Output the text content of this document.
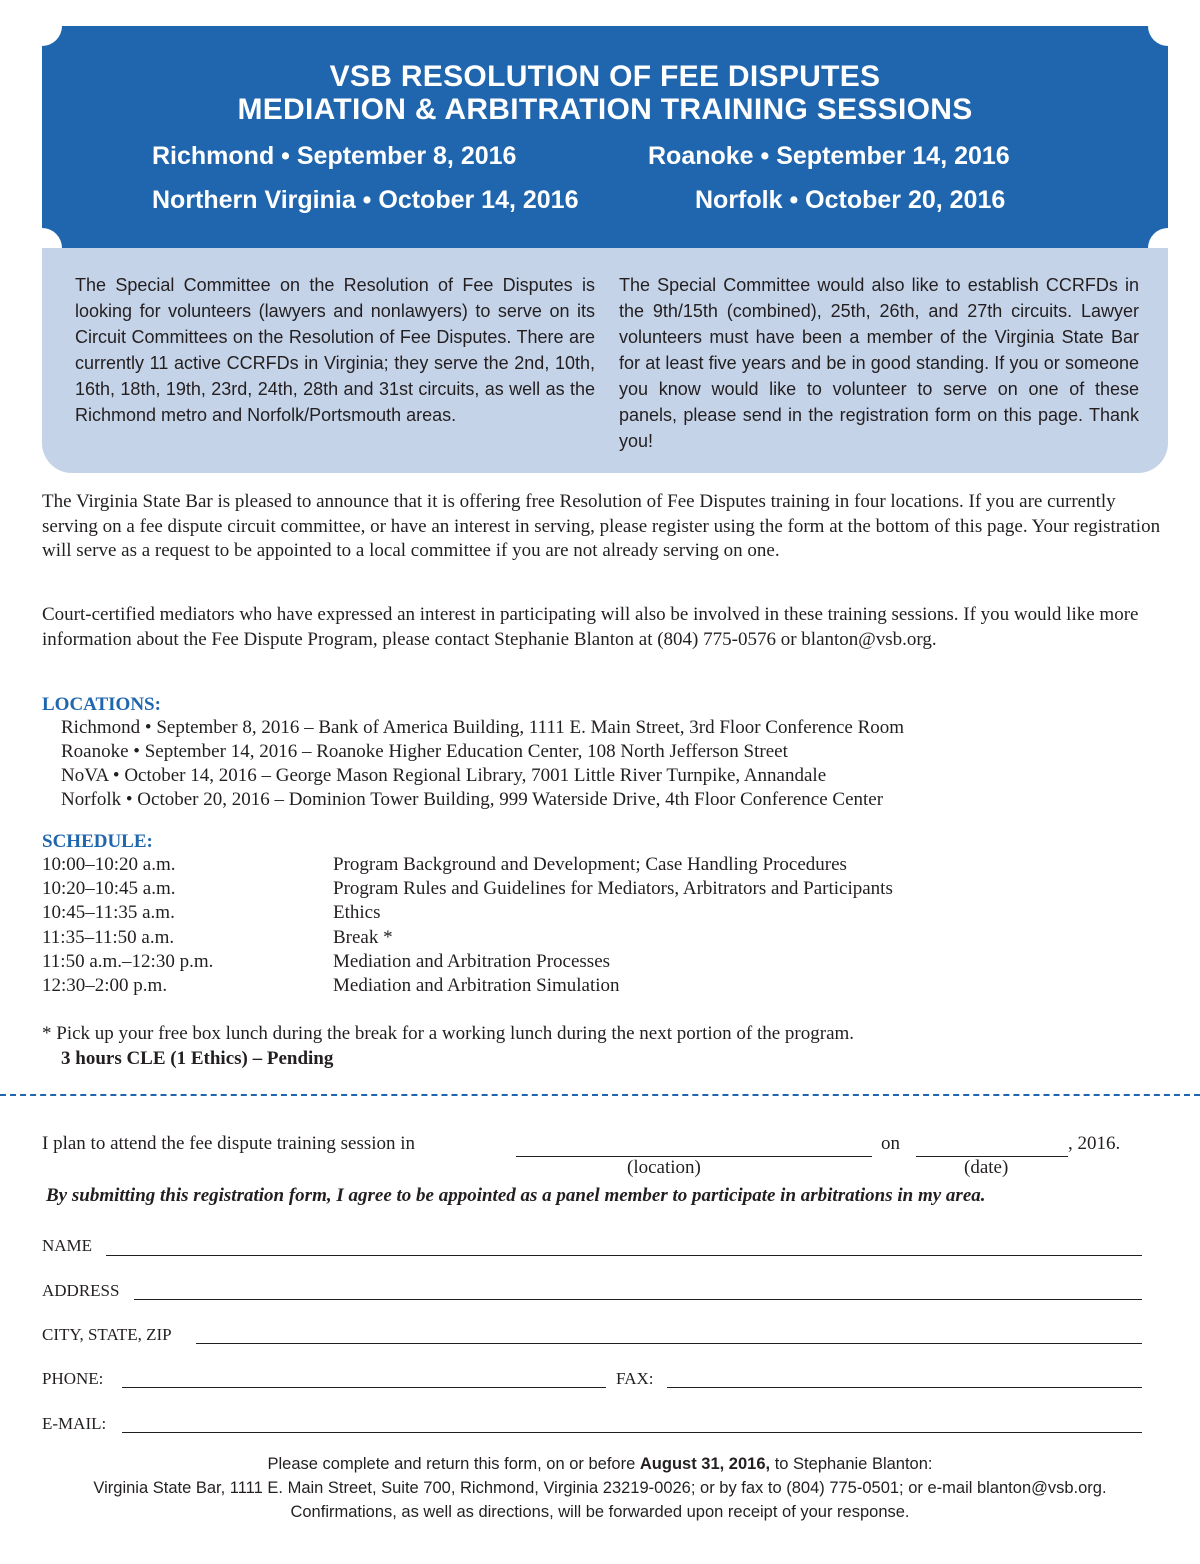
VSB RESOLUTION OF FEE DISPUTES
MEDIATION & ARBITRATION TRAINING SESSIONS
Richmond • September 8, 2016	Roanoke • September 14, 2016
Northern Virginia • October 14, 2016	Norfolk • October 20, 2016
The Special Committee on the Resolution of Fee Disputes is looking for volunteers (lawyers and nonlawyers) to serve on its Circuit Committees on the Resolution of Fee Disputes. There are currently 11 active CCRFDs in Virginia; they serve the 2nd, 10th, 16th, 18th, 19th, 23rd, 24th, 28th and 31st circuits, as well as the Richmond metro and Norfolk/Portsmouth areas.
The Special Committee would also like to establish CCRFDs in the 9th/15th (combined), 25th, 26th, and 27th circuits. Lawyer volunteers must have been a member of the Virginia State Bar for at least five years and be in good standing. If you or someone you know would like to volunteer to serve on one of these panels, please send in the registration form on this page. Thank you!
The Virginia State Bar is pleased to announce that it is offering free Resolution of Fee Disputes training in four locations. If you are currently serving on a fee dispute circuit committee, or have an interest in serving, please register using the form at the bottom of this page. Your registration will serve as a request to be appointed to a local committee if you are not already serving on one.
Court-certified mediators who have expressed an interest in participating will also be involved in these training sessions. If you would like more information about the Fee Dispute Program, please contact Stephanie Blanton at (804) 775-0576 or blanton@vsb.org.
LOCATIONS:
Richmond • September 8, 2016 – Bank of America Building, 1111 E. Main Street, 3rd Floor Conference Room
Roanoke • September 14, 2016 – Roanoke Higher Education Center, 108 North Jefferson Street
NoVA • October 14, 2016 – George Mason Regional Library, 7001 Little River Turnpike, Annandale
Norfolk • October 20, 2016 – Dominion Tower Building, 999 Waterside Drive, 4th Floor Conference Center
SCHEDULE:
10:00–10:20 a.m.	Program Background and Development; Case Handling Procedures
10:20–10:45 a.m.	Program Rules and Guidelines for Mediators, Arbitrators and Participants
10:45–11:35 a.m.	Ethics
11:35–11:50 a.m.	Break *
11:50 a.m.–12:30 p.m.	Mediation and Arbitration Processes
12:30–2:00 p.m.	Mediation and Arbitration Simulation
* Pick up your free box lunch during the break for a working lunch during the next portion of the program.
3 hours CLE (1 Ethics) – Pending
I plan to attend the fee dispute training session in	on	, 2016.
(location)	(date)
By submitting this registration form, I agree to be appointed as a panel member to participate in arbitrations in my area.
NAME
ADDRESS
CITY, STATE, ZIP
PHONE:	FAX:
E-MAIL:
Please complete and return this form, on or before August 31, 2016, to Stephanie Blanton:
Virginia State Bar, 1111 E. Main Street, Suite 700, Richmond, Virginia 23219-0026; or by fax to (804) 775-0501; or e-mail blanton@vsb.org.
Confirmations, as well as directions, will be forwarded upon receipt of your response.
